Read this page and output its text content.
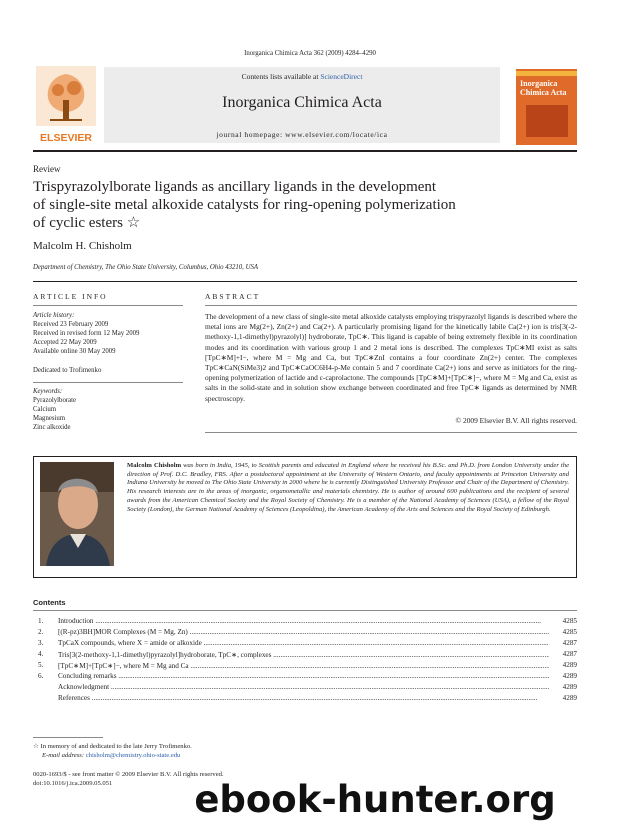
Inorganica Chimica Acta 362 (2009) 4284–4290
Contents lists available at ScienceDirect
Inorganica Chimica Acta
journal homepage: www.elsevier.com/locate/ica
ELSEVIER
Inorganica Chimica Acta
Review
Trispyrazolylborate ligands as ancillary ligands in the development
of single-site metal alkoxide catalysts for ring-opening polymerization
of cyclic esters ☆
Malcolm H. Chisholm
Department of Chemistry, The Ohio State University, Columbus, Ohio 43210, USA
ARTICLE INFO
Article history:
Received 23 February 2009
Received in revised form 12 May 2009
Accepted 22 May 2009
Available online 30 May 2009
Dedicated to Trofimenko
Keywords:
Pyrazolylborate
Calcium
Magnesium
Zinc alkoxide
ABSTRACT
The development of a new class of single-site metal alkoxide catalysts employing trispyrazolyl ligands is described where the metal ions are Mg(2+), Zn(2+) and Ca(2+). A particularly promising ligand for the kinetically labile Ca(2+) ion is tris[3(-2-methoxy-1,1-dimethyl)pyrazolyl)] hydroborate, TpC∗. This ligand is capable of being extremely flexible in its coordination modes and its coordination with various group 1 and 2 metal ions is described. The complexes TpC∗MI exist as salts [TpC∗M]+I−, where M = Mg and Ca, but TpC∗ZnI contains a four coordinate Zn(2+) center. The complexes TpC∗CaN(SiMe3)2 and TpC∗CaOC6H4-p-Me contain 5 and 7 coordinate Ca(2+) ions and serve as initiators for the ring-opening polymerization of lactide and ε-caprolactone. The compounds [TpC∗M]+[TpC∗]−, where M = Mg and Ca, exist as salts in the solid-state and in solution show exchange between coordinated and free TpC∗ ligands as determined by NMR spectroscopy.
© 2009 Elsevier B.V. All rights reserved.
Malcolm Chisholm was born in India, 1945, to Scottish parents and educated in England where he received his B.Sc. and Ph.D. from London University under the direction of Prof. D.C. Bradley, FRS. After a postdoctoral appointment at the University of Western Ontario, and faculty appointments at Princeton University and Indiana University he moved to The Ohio State University in 2000 where he is currently Distinguished University Professor and Chair of the Department of Chemistry. His research interests are in the areas of inorganic, organometallic and materials chemistry. He is author of around 600 publications and the recipient of several awards from the American Chemical Society and the Royal Society of Chemistry. He is a member of the National Academy of Sciences (USA), a fellow of the Royal Society (London), the German National Academy of Sciences (Leopoldina), the American Academy of the Arts and Sciences and the Royal Society of Edinburgh.
Contents
1. Introduction .....	4285
2. [(R-pz)3BH]MOR Complexes (M = Mg, Zn) .....	4285
3. TpCaX compounds, where X = amide or alkoxide .....	4287
4. Tris[3(2-methoxy-1,1-dimethyl)pyrazolyl]hydroborate, TpC∗, complexes .....	4287
5. [TpC∗M]+[TpC∗]−, where M = Mg and Ca .....	4289
6. Concluding remarks .....	4289
Acknowledgment .....	4289
References .....	4289
☆ In memory of and dedicated to the late Jerry Trofimenko.
E-mail address: chisholm@chemistry.ohio-state.edu
0020-1693/$ - see front matter © 2009 Elsevier B.V. All rights reserved.
doi:10.1016/j.ica.2009.05.051 ebook-hunter.org
